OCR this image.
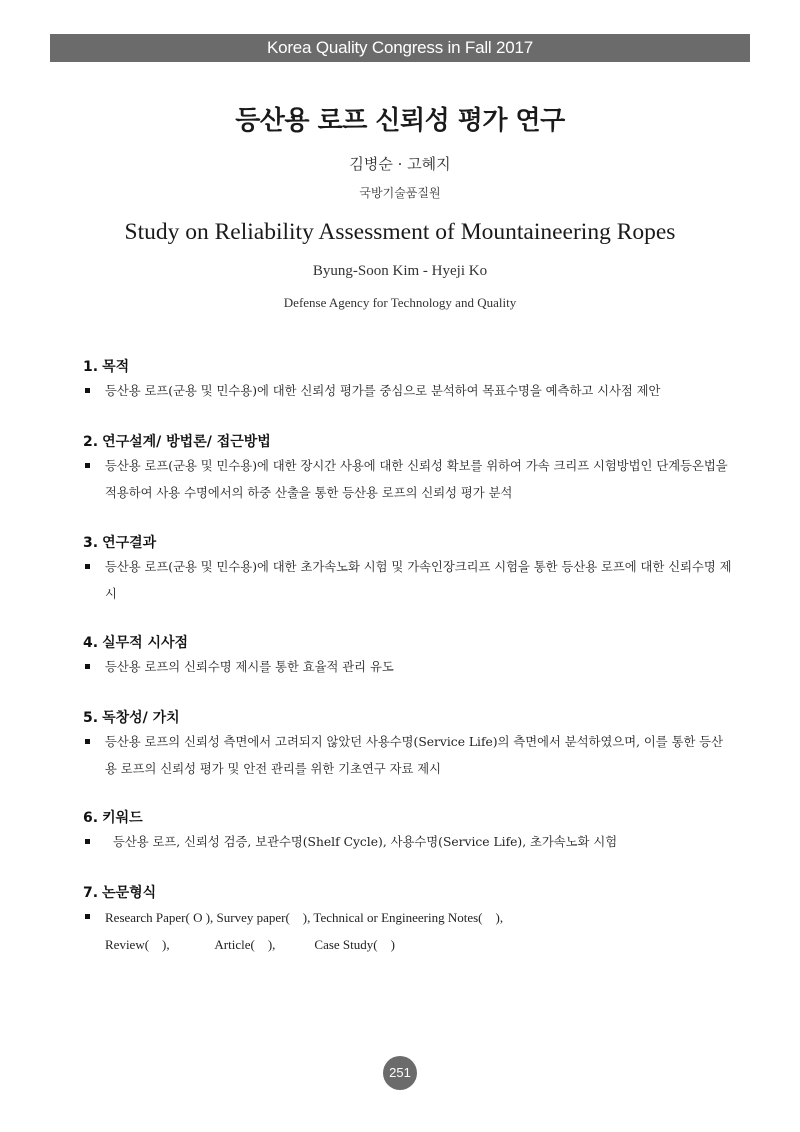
Korea Quality Congress in Fall 2017
등산용 로프 신뢰성 평가 연구
김병순 · 고혜지
국방기술품질원
Study on Reliability Assessment of Mountaineering Ropes
Byung-Soon Kim - Hyeji Ko
Defense Agency for Technology and Quality
1. 목적
등산용 로프(군용 및 민수용)에 대한 신뢰성 평가를 중심으로 분석하여 목표수명을 예측하고 시사점 제안
2. 연구설계/ 방법론/ 접근방법
등산용 로프(군용 및 민수용)에 대한 장시간 사용에 대한 신뢰성 확보를 위하여 가속 크리프 시험방법인 단계등온법을 적용하여 사용 수명에서의 하중 산출을 통한 등산용 로프의 신뢰성 평가 분석
3. 연구결과
등산용 로프(군용 및 민수용)에 대한 초가속노화 시험 및 가속인장크리프 시험을 통한 등산용 로프에 대한 신뢰수명 제시
4. 실무적 시사점
등산용 로프의 신뢰수명 제시를 통한 효율적 관리 유도
5. 독창성/ 가치
등산용 로프의 신뢰성 측면에서 고려되지 않았던 사용수명(Service Life)의 측면에서 분석하였으며, 이를 통한 등산용 로프의 신뢰성 평가 및 안전 관리를 위한 기초연구 자료 제시
6. 키워드
등산용 로프, 신뢰성 검증, 보관수명(Shelf Cycle), 사용수명(Service Life), 초가속노화 시험
7. 논문형식
Research Paper( O ), Survey paper(    ), Technical or Engineering Notes(    ),
Review(    ),              Article(    ),            Case Study(    )
251
